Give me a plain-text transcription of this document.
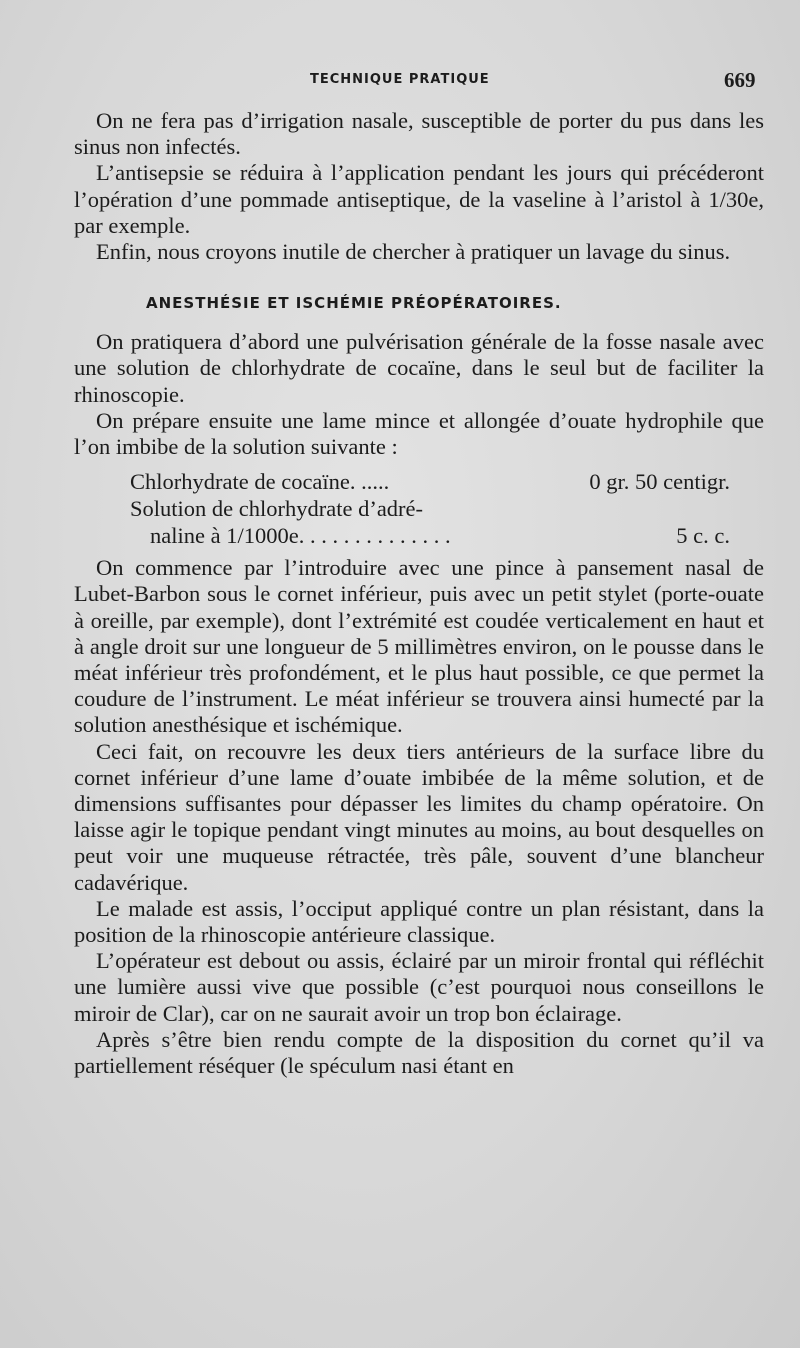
TECHNIQUE PRATIQUE	669

On ne fera pas d’irrigation nasale, susceptible de porter du pus dans les sinus non infectés.

L’antisepsie se réduira à l’application pendant les jours qui précéderont l’opération d’une pommade antiseptique, de la vaseline à l’aristol à 1/30e, par exemple.

Enfin, nous croyons inutile de chercher à pratiquer un lavage du sinus.

ANESTHÉSIE ET ISCHÉMIE PRÉOPÉRATOIRES.

On pratiquera d’abord une pulvérisation générale de la fosse nasale avec une solution de chlorhydrate de cocaïne, dans le seul but de faciliter la rhinoscopie.

On prépare ensuite une lame mince et allongée d’ouate hydrophile que l’on imbibe de la solution suivante :

Chlorhydrate de cocaïne. .....	0 gr. 50 centigr.
Solution de chlorhydrate d’adré-
naline à 1/1000e. . . . . . . . . . . . . .	5 c. c.

On commence par l’introduire avec une pince à pansement nasal de Lubet-Barbon sous le cornet inférieur, puis avec un petit stylet (porte-ouate à oreille, par exemple), dont l’extrémité est coudée verticalement en haut et à angle droit sur une longueur de 5 millimètres environ, on le pousse dans le méat inférieur très profondément, et le plus haut possible, ce que permet la coudure de l’instrument. Le méat inférieur se trouvera ainsi humecté par la solution anesthésique et ischémique.

Ceci fait, on recouvre les deux tiers antérieurs de la surface libre du cornet inférieur d’une lame d’ouate imbibée de la même solution, et de dimensions suffisantes pour dépasser les limites du champ opératoire. On laisse agir le topique pendant vingt minutes au moins, au bout desquelles on peut voir une muqueuse rétractée, très pâle, souvent d’une blancheur cadavérique.

Le malade est assis, l’occiput appliqué contre un plan résistant, dans la position de la rhinoscopie antérieure classique.

L’opérateur est debout ou assis, éclairé par un miroir frontal qui réfléchit une lumière aussi vive que possible (c’est pourquoi nous conseillons le miroir de Clar), car on ne saurait avoir un trop bon éclairage.

Après s’être bien rendu compte de la disposition du cornet qu’il va partiellement réséquer (le spéculum nasi étant en
